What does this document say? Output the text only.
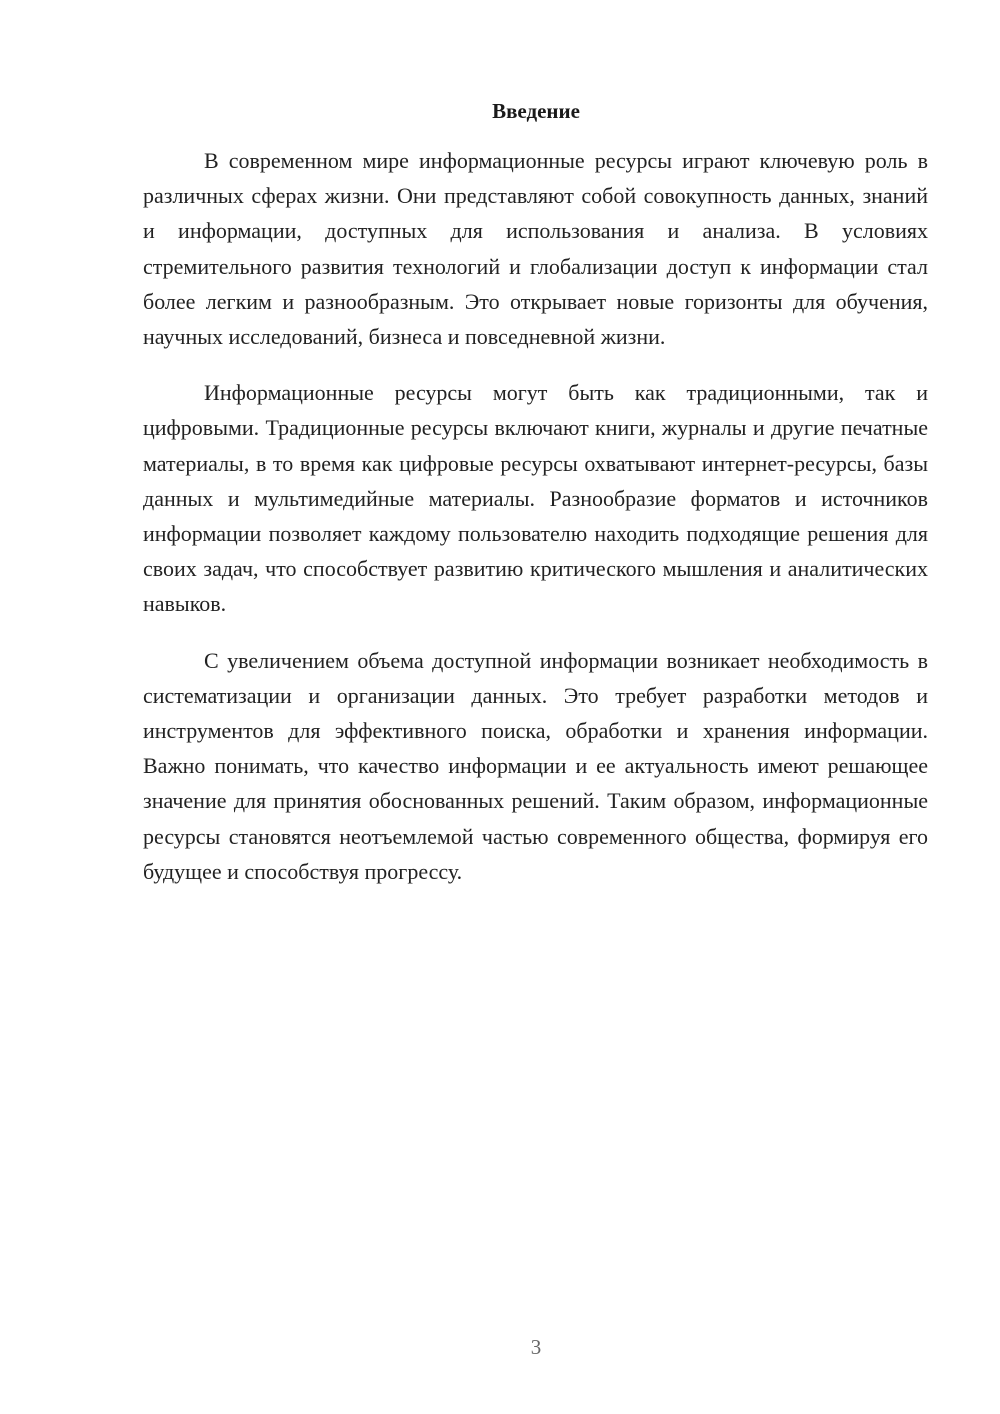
Введение

В современном мире информационные ресурсы играют ключевую роль в различных сферах жизни. Они представляют собой совокупность данных, знаний и информации, доступных для использования и анализа. В условиях стремительного развития технологий и глобализации доступ к информации стал более легким и разнообразным. Это открывает новые горизонты для обучения, научных исследований, бизнеса и повседневной жизни.

Информационные ресурсы могут быть как традиционными, так и цифровыми. Традиционные ресурсы включают книги, журналы и другие печатные материалы, в то время как цифровые ресурсы охватывают интернет-ресурсы, базы данных и мультимедийные материалы. Разнообразие форматов и источников информации позволяет каждому пользователю находить подходящие решения для своих задач, что способствует развитию критического мышления и аналитических навыков.

С увеличением объема доступной информации возникает необходимость в систематизации и организации данных. Это требует разработки методов и инструментов для эффективного поиска, обработки и хранения информации. Важно понимать, что качество информации и ее актуальность имеют решающее значение для принятия обоснованных решений. Таким образом, информационные ресурсы становятся неотъемлемой частью современного общества, формируя его будущее и способствуя прогрессу.

3
